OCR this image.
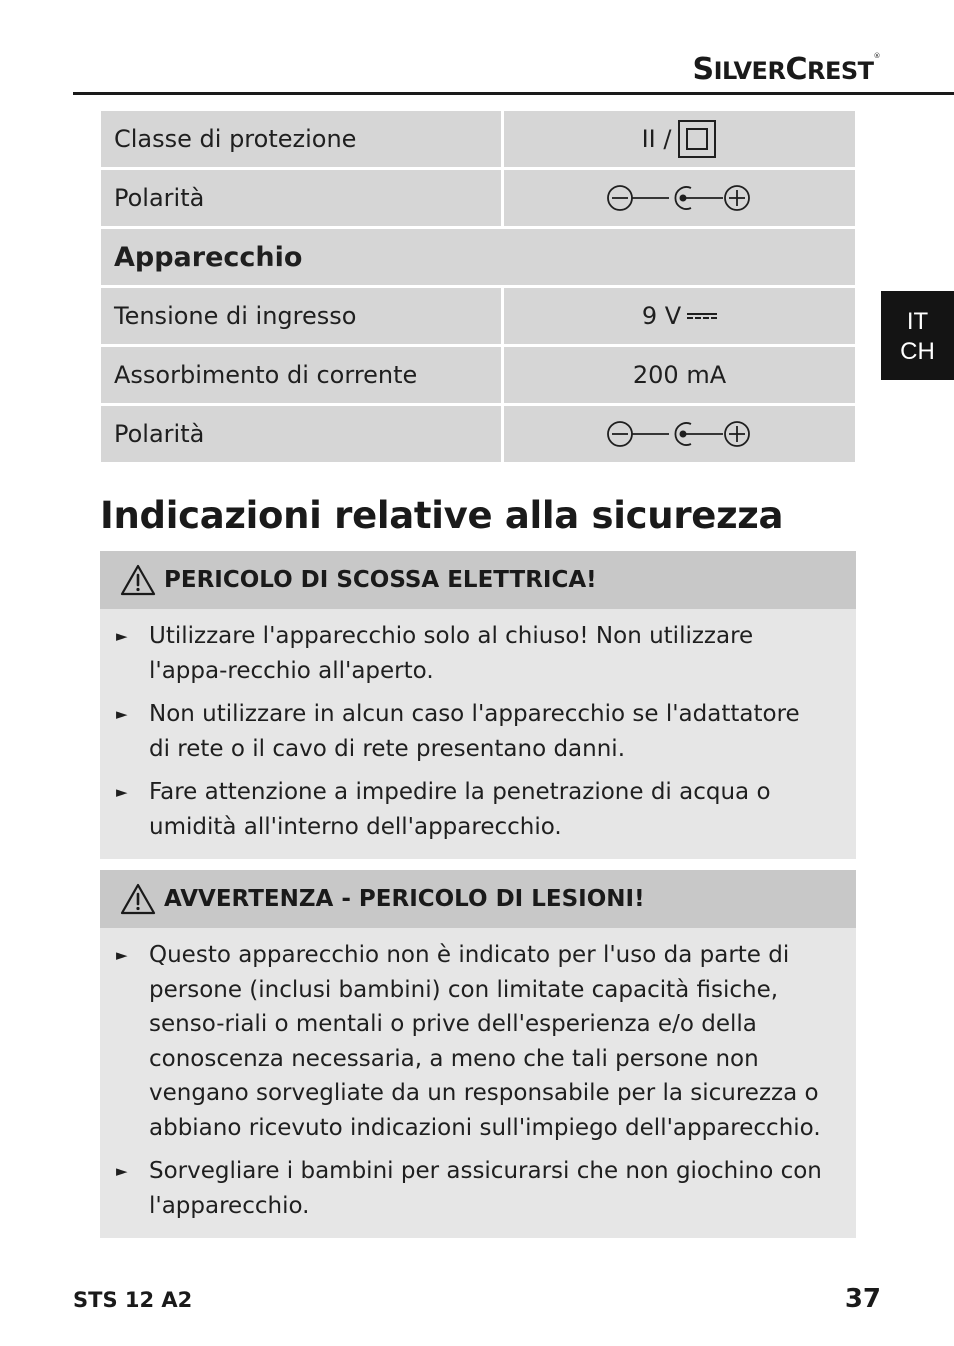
SILVERCREST®
IT
CH
Classe di protezione	II /
Polarità
Apparecchio
Tensione di ingresso	9 V
Assorbimento di corrente	200 mA
Polarità
Indicazioni relative alla sicurezza
PERICOLO DI SCOSSA ELETTRICA!
► Utilizzare l'apparecchio solo al chiuso! Non utilizzare l'appa-recchio all'aperto.
► Non utilizzare in alcun caso l'apparecchio se l'adattatore di rete o il cavo di rete presentano danni.
► Fare attenzione a impedire la penetrazione di acqua o umidità all'interno dell'apparecchio.
AVVERTENZA - PERICOLO DI LESIONI!
► Questo apparecchio non è indicato per l'uso da parte di persone (inclusi bambini) con limitate capacità fisiche, senso-riali o mentali o prive dell'esperienza e/o della conoscenza necessaria, a meno che tali persone non vengano sorvegliate da un responsabile per la sicurezza o abbiano ricevuto indicazioni sull'impiego dell'apparecchio.
► Sorvegliare i bambini per assicurarsi che non giochino con l'apparecchio.
STS 12 A2	37
